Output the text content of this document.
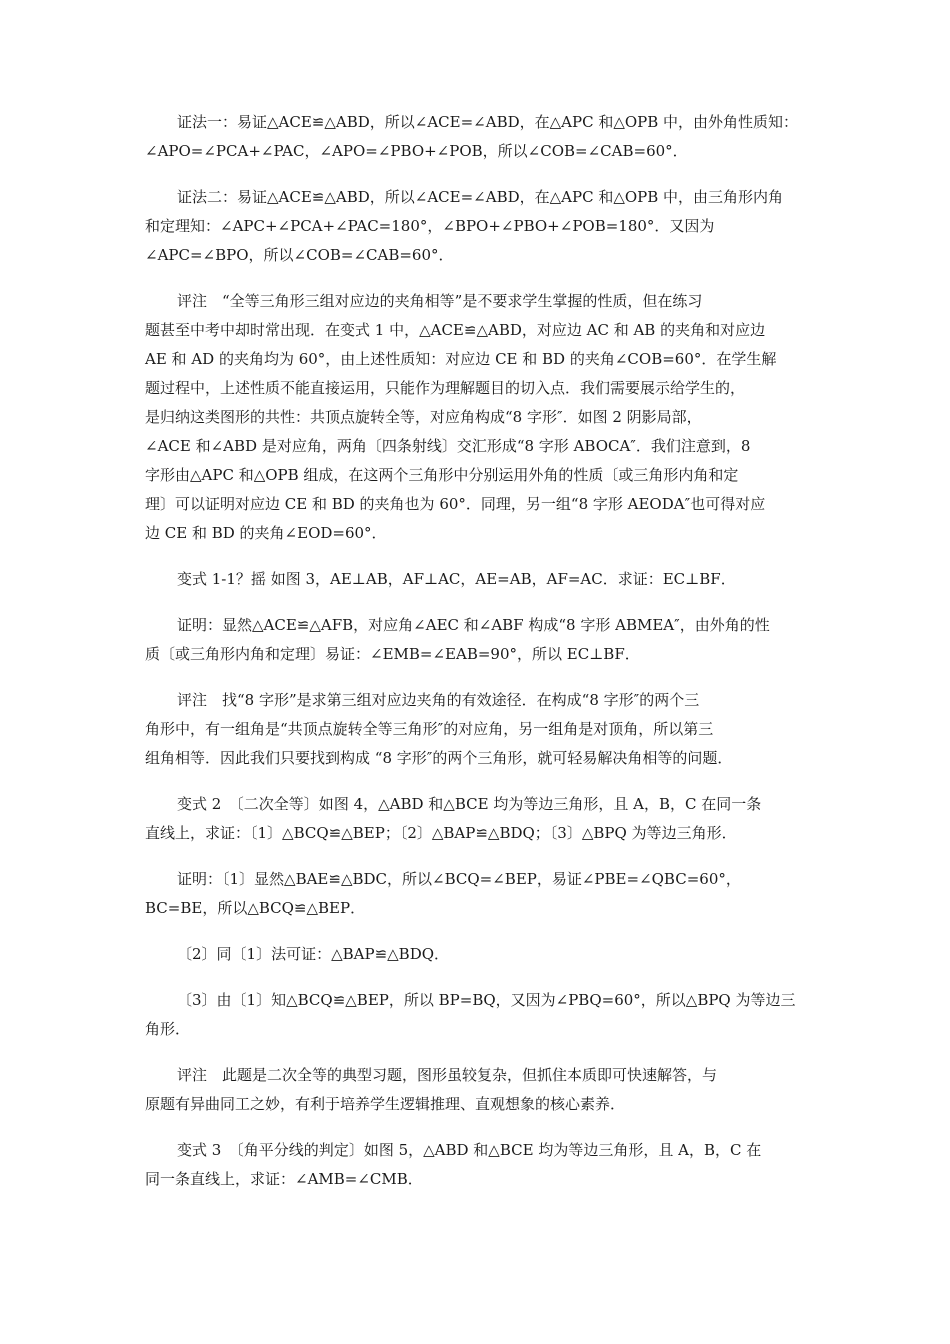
证法一：易证△ACE≌△ABD，所以∠ACE=∠ABD，在△APC 和△OPB 中，由外角性质知：
∠APO=∠PCA+∠PAC，∠APO=∠PBO+∠POB，所以∠COB=∠CAB=60°．
证法二：易证△ACE≌△ABD，所以∠ACE=∠ABD，在△APC 和△OPB 中，由三角形内角
和定理知：∠APC+∠PCA+∠PAC=180°，∠BPO+∠PBO+∠POB=180°．又因为
∠APC=∠BPO，所以∠COB=∠CAB=60°．
评注　“全等三角形三组对应边的夹角相等”是不要求学生掌握的性质，但在练习
题甚至中考中却时常出现．在变式 1 中，△ACE≌△ABD，对应边 AC 和 AB 的夹角和对应边
AE 和 AD 的夹角均为 60°，由上述性质知：对应边 CE 和 BD 的夹角∠COB=60°．在学生解
题过程中，上述性质不能直接运用，只能作为理解题目的切入点．我们需要展示给学生的，
是归纳这类图形的共性：共顶点旋转全等，对应角构成“8 字形″．如图 2 阴影局部，
∠ACE 和∠ABD 是对应角，两角〔四条射线〕交汇形成“8 字形 ABOCA″．我们注意到，8
字形由△APC 和△OPB 组成，在这两个三角形中分别运用外角的性质〔或三角形内角和定
理〕可以证明对应边 CE 和 BD 的夹角也为 60°．同理，另一组“8 字形 AEODA″也可得对应
边 CE 和 BD 的夹角∠EOD=60°．
变式 1-1？摇 如图 3，AE⊥AB，AF⊥AC，AE=AB，AF=AC．求证：EC⊥BF．
证明：显然△ACE≌△AFB，对应角∠AEC 和∠ABF 构成“8 字形 ABMEA″，由外角的性
质〔或三角形内角和定理〕易证：∠EMB=∠EAB=90°，所以 EC⊥BF．
评注　找“8 字形”是求第三组对应边夹角的有效途径．在构成“8 字形″的两个三
角形中，有一组角是“共顶点旋转全等三角形″的对应角，另一组角是对顶角，所以第三
组角相等．因此我们只要找到构成 “8 字形″的两个三角形，就可轻易解决角相等的问题．
变式 2　〔二次全等〕如图 4，△ABD 和△BCE 均为等边三角形，且 A，B，C 在同一条
直线上，求证：〔1〕△BCQ≌△BEP；〔2〕△BAP≌△BDQ；〔3〕△BPQ 为等边三角形．
证明：〔1〕显然△BAE≌△BDC，所以∠BCQ=∠BEP，易证∠PBE=∠QBC=60°，
BC=BE，所以△BCQ≌△BEP．
〔2〕同〔1〕法可证：△BAP≌△BDQ．
〔3〕由〔1〕知△BCQ≌△BEP，所以 BP=BQ，又因为∠PBQ=60°，所以△BPQ 为等边三
角形．
评注　此题是二次全等的典型习题，图形虽较复杂，但抓住本质即可快速解答，与
原题有异曲同工之妙，有利于培养学生逻辑推理、直观想象的核心素养．
变式 3　〔角平分线的判定〕如图 5，△ABD 和△BCE 均为等边三角形，且 A，B，C 在
同一条直线上，求证：∠AMB=∠CMB．
